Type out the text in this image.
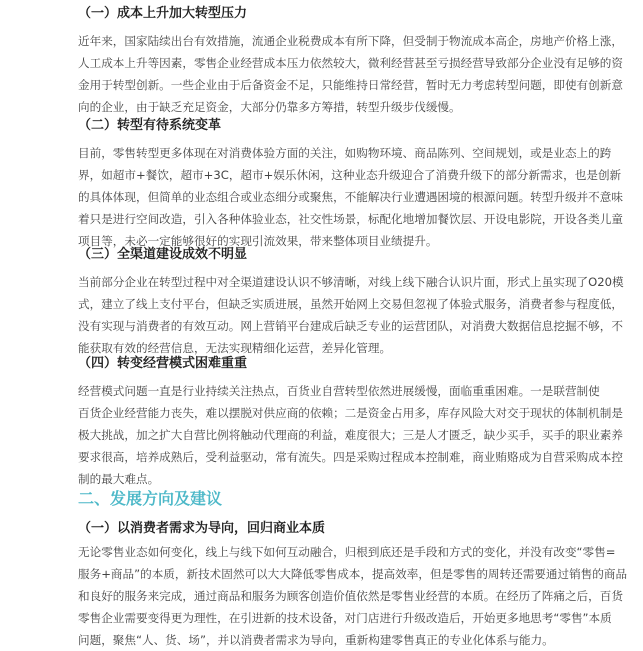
（一）成本上升加大转型压力

近年来，国家陆续出台有效措施，流通企业税费成本有所下降，但受制于物流成本高企，房地产价格上涨，
人工成本上升等因素，零售企业经营成本压力依然较大，微利经营甚至亏损经营导致部分企业没有足够的资
金用于转型创新。一些企业由于后备资金不足，只能维持日常经营，暂时无力考虑转型问题，即使有创新意
向的企业，由于缺乏充足资金，大部分仍靠多方筹措，转型升级步伐缓慢。

（二）转型有待系统变革

目前，零售转型更多体现在对消费体验方面的关注，如购物环境、商品陈列、空间规划，或是业态上的跨
界，如超市+餐饮，超市+3C，超市+娱乐休闲，这种业态升级迎合了消费升级下的部分新需求，也是创新
的具体体现，但简单的业态组合或业态细分或聚焦，不能解决行业遭遇困境的根源问题。转型升级并不意味
着只是进行空间改造，引入各种体验业态，社交性场景，标配化地增加餐饮层、开设电影院，开设各类儿童
项目等，未必一定能够很好的实现引流效果，带来整体项目业绩提升。

（三）全渠道建设成效不明显

当前部分企业在转型过程中对全渠道建设认识不够清晰，对线上线下融合认识片面，形式上虽实现了O20模
式，建立了线上支付平台，但缺乏实质进展，虽然开始网上交易但忽视了体验式服务，消费者参与程度低，
没有实现与消费者的有效互动。网上营销平台建成后缺乏专业的运营团队，对消费大数据信息挖掘不够，不
能获取有效的经营信息，无法实现精细化运营，差异化管理。

（四）转变经营模式困难重重

经营模式问题一直是行业持续关注热点，百货业自营转型依然进展缓慢，面临重重困难。一是联营制使
百货企业经营能力丧失，难以摆脱对供应商的依赖；二是资金占用多，库存风险大对交于现状的体制机制是
极大挑战，加之扩大自营比例将触动代理商的利益，难度很大；三是人才匮乏，缺少买手，买手的职业素养
要求很高，培养成熟后，受利益驱动，常有流失。四是采购过程成本控制难，商业贿赂成为自营采购成本控
制的最大难点。

二、发展方向及建议

（一）以消费者需求为导向，回归商业本质

无论零售业态如何变化，线上与线下如何互动融合，归根到底还是手段和方式的变化，并没有改变“零售=
服务+商品”的本质，新技术固然可以大大降低零售成本，提高效率，但是零售的周转还需要通过销售的商品
和良好的服务来完成，通过商品和服务为顾客创造价值依然是零售业经营的本质。在经历了阵痛之后，百货
零售企业需要变得更为理性，在引进新的技术设备，对门店进行升级改造后，开始更多地思考“零售”本质
问题，聚焦“人、货、场”，并以消费者需求为导向，重新构建零售真正的专业化体系与能力。
